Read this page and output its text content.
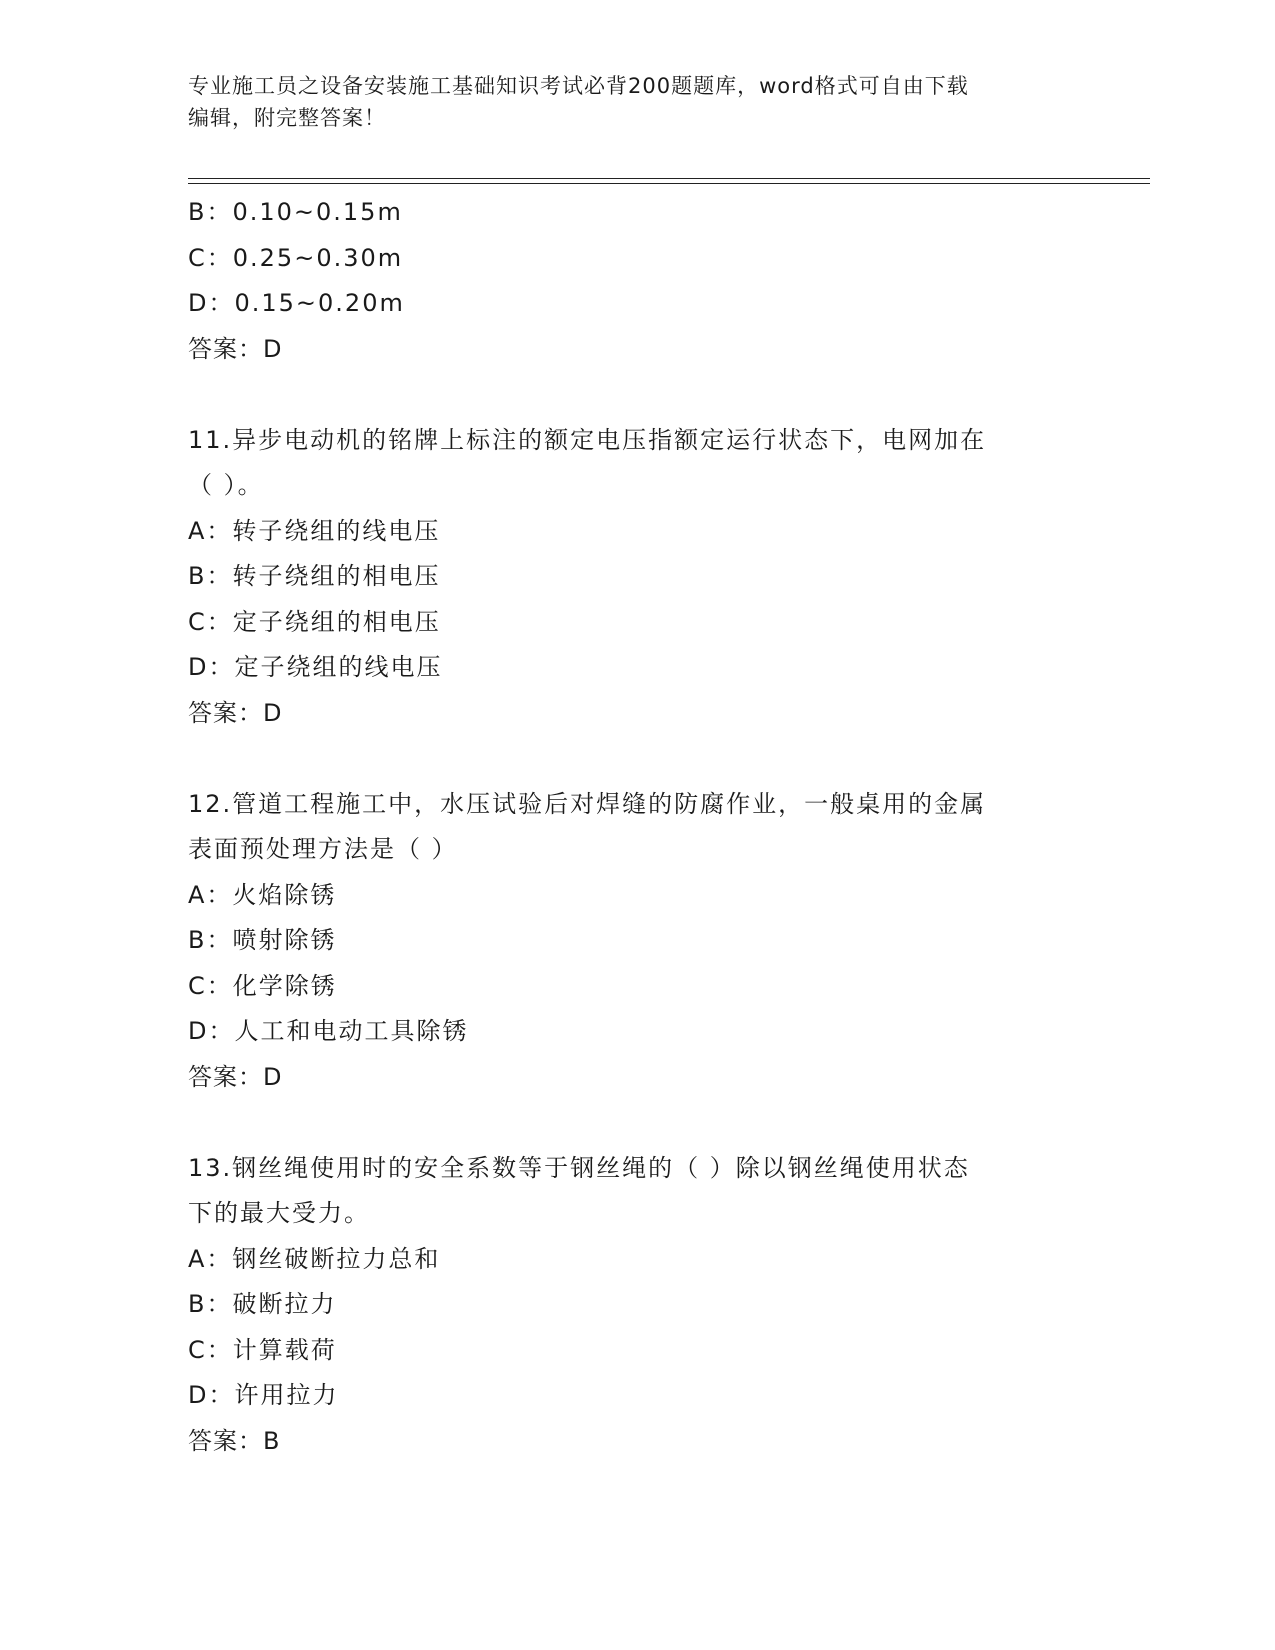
专业施工员之设备安装施工基础知识考试必背200题题库，word格式可自由下载
编辑，附完整答案！
B：0.10~0.15m
C：0.25~0.30m
D：0.15~0.20m
答案：D
11.异步电动机的铭牌上标注的额定电压指额定运行状态下，电网加在
（ ）。
A：转子绕组的线电压
B：转子绕组的相电压
C：定子绕组的相电压
D：定子绕组的线电压
答案：D
12.管道工程施工中，水压试验后对焊缝的防腐作业，一般桌用的金属
表面预处理方法是（ ）
A：火焰除锈
B：喷射除锈
C：化学除锈
D：人工和电动工具除锈
答案：D
13.钢丝绳使用时的安全系数等于钢丝绳的（ ）除以钢丝绳使用状态
下的最大受力。
A：钢丝破断拉力总和
B：破断拉力
C：计算载荷
D：许用拉力
答案：B
